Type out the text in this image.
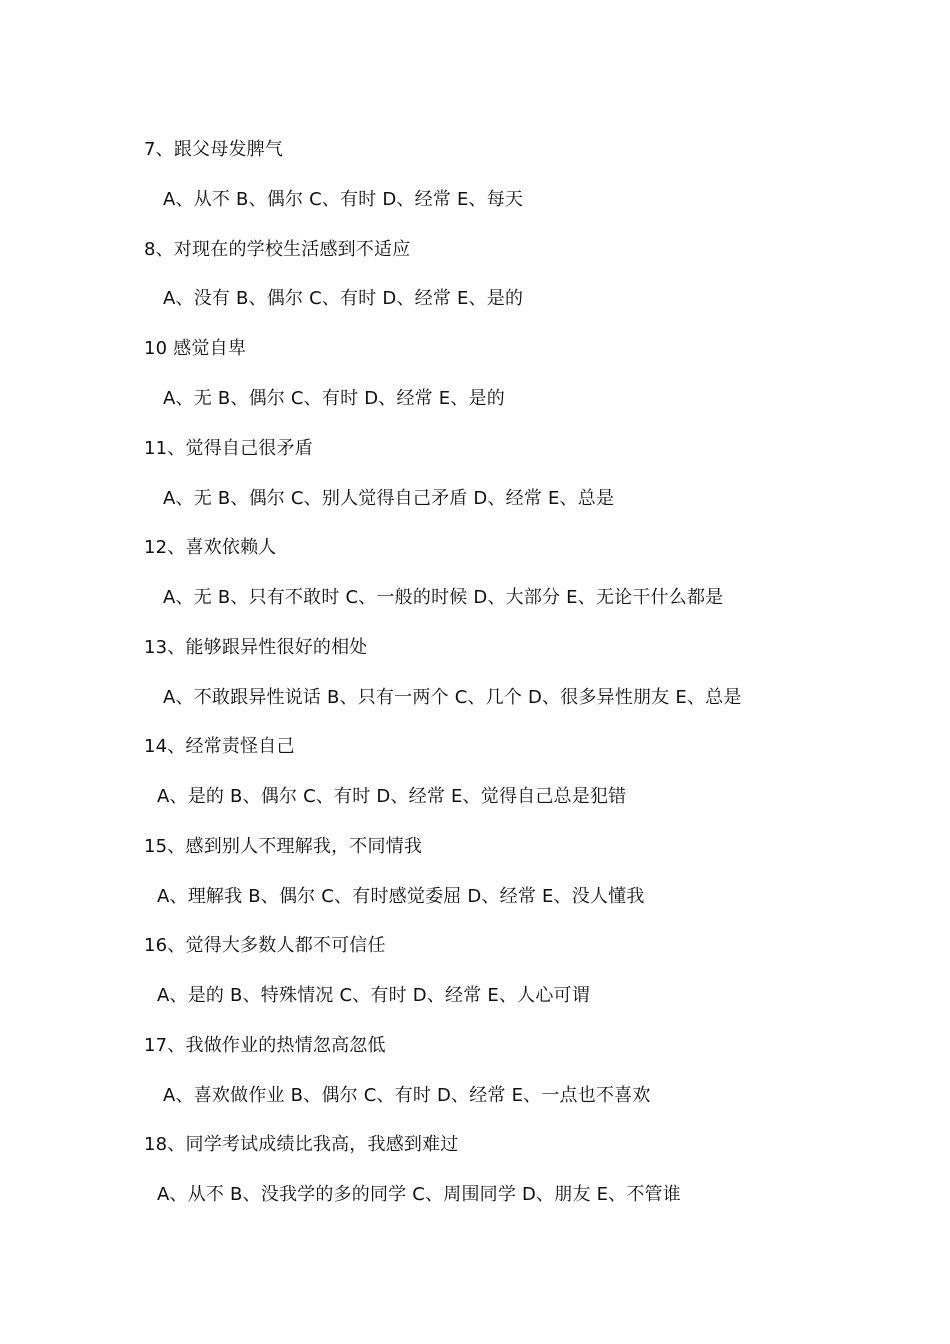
7、跟父母发脾气
A、从不 B、偶尔 C、有时 D、经常 E、每天
8、对现在的学校生活感到不适应
A、没有 B、偶尔 C、有时 D、经常 E、是的
10 感觉自卑
A、无 B、偶尔 C、有时 D、经常 E、是的
11、觉得自己很矛盾
A、无 B、偶尔 C、别人觉得自己矛盾 D、经常 E、总是
12、喜欢依赖人
A、无 B、只有不敢时 C、一般的时候 D、大部分 E、无论干什么都是
13、能够跟异性很好的相处
A、不敢跟异性说话 B、只有一两个 C、几个 D、很多异性朋友 E、总是
14、经常责怪自己
A、是的 B、偶尔 C、有时 D、经常 E、觉得自己总是犯错
15、感到别人不理解我，不同情我
A、理解我 B、偶尔 C、有时感觉委屈 D、经常 E、没人懂我
16、觉得大多数人都不可信任
A、是的 B、特殊情况 C、有时 D、经常 E、人心可谓
17、我做作业的热情忽高忽低
A、喜欢做作业 B、偶尔 C、有时 D、经常 E、一点也不喜欢
18、同学考试成绩比我高，我感到难过
A、从不 B、没我学的多的同学 C、周围同学 D、朋友 E、不管谁
